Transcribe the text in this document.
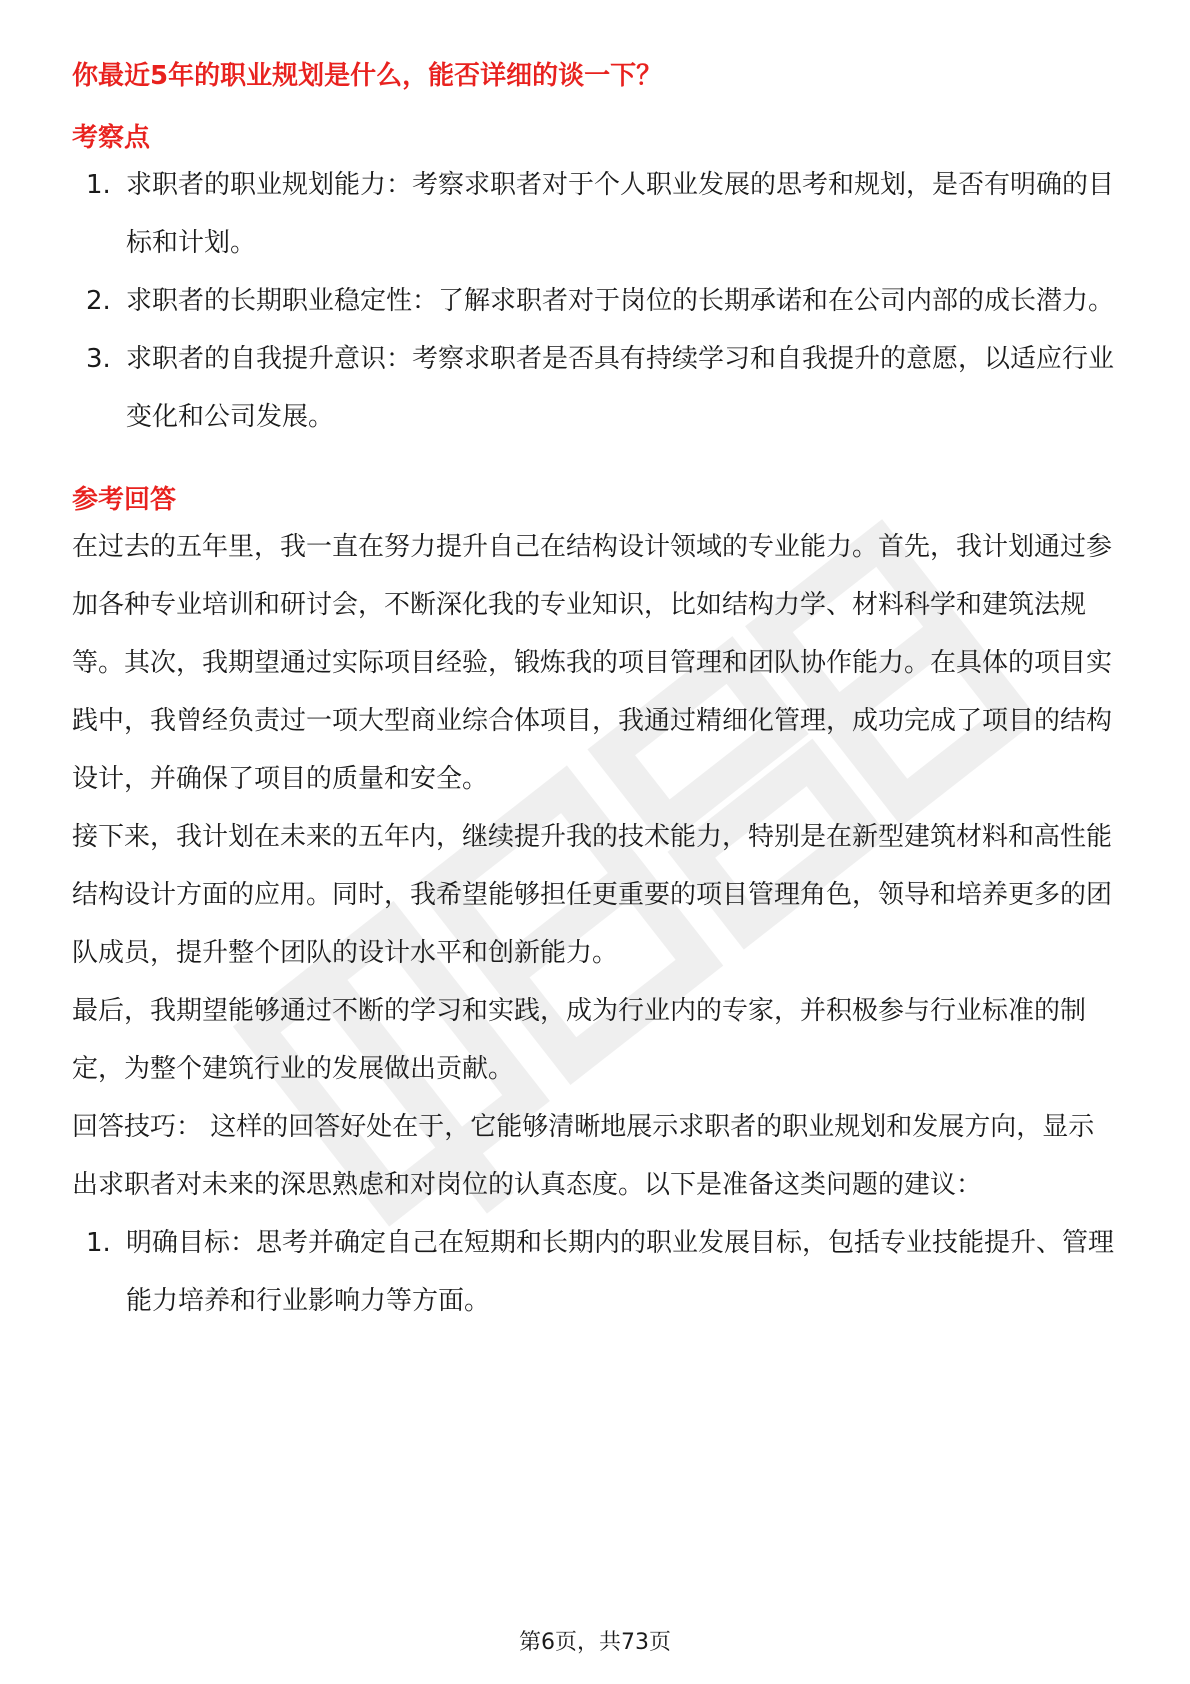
你最近5年的职业规划是什么，能否详细的谈一下？
考察点
1. 求职者的职业规划能力：考察求职者对于个人职业发展的思考和规划，是否有明确的目标和计划。
2. 求职者的长期职业稳定性：了解求职者对于岗位的长期承诺和在公司内部的成长潜力。
3. 求职者的自我提升意识：考察求职者是否具有持续学习和自我提升的意愿，以适应行业变化和公司发展。
参考回答

在过去的五年里，我一直在努力提升自己在结构设计领域的专业能力。首先，我计划通过参加各种专业培训和研讨会，不断深化我的专业知识，比如结构力学、材料科学和建筑法规等。其次，我期望通过实际项目经验，锻炼我的项目管理和团队协作能力。在具体的项目实践中，我曾经负责过一项大型商业综合体项目，我通过精细化管理，成功完成了项目的结构设计，并确保了项目的质量和安全。

接下来，我计划在未来的五年内，继续提升我的技术能力，特别是在新型建筑材料和高性能结构设计方面的应用。同时，我希望能够担任更重要的项目管理角色，领导和培养更多的团队成员，提升整个团队的设计水平和创新能力。

最后，我期望能够通过不断的学习和实践，成为行业内的专家，并积极参与行业标准的制定，为整个建筑行业的发展做出贡献。

回答技巧： 这样的回答好处在于，它能够清晰地展示求职者的职业规划和发展方向，显示出求职者对未来的深思熟虑和对岗位的认真态度。以下是准备这类问题的建议：

1. 明确目标：思考并确定自己在短期和长期内的职业发展目标，包括专业技能提升、管理能力培养和行业影响力等方面。
第6页，共73页
